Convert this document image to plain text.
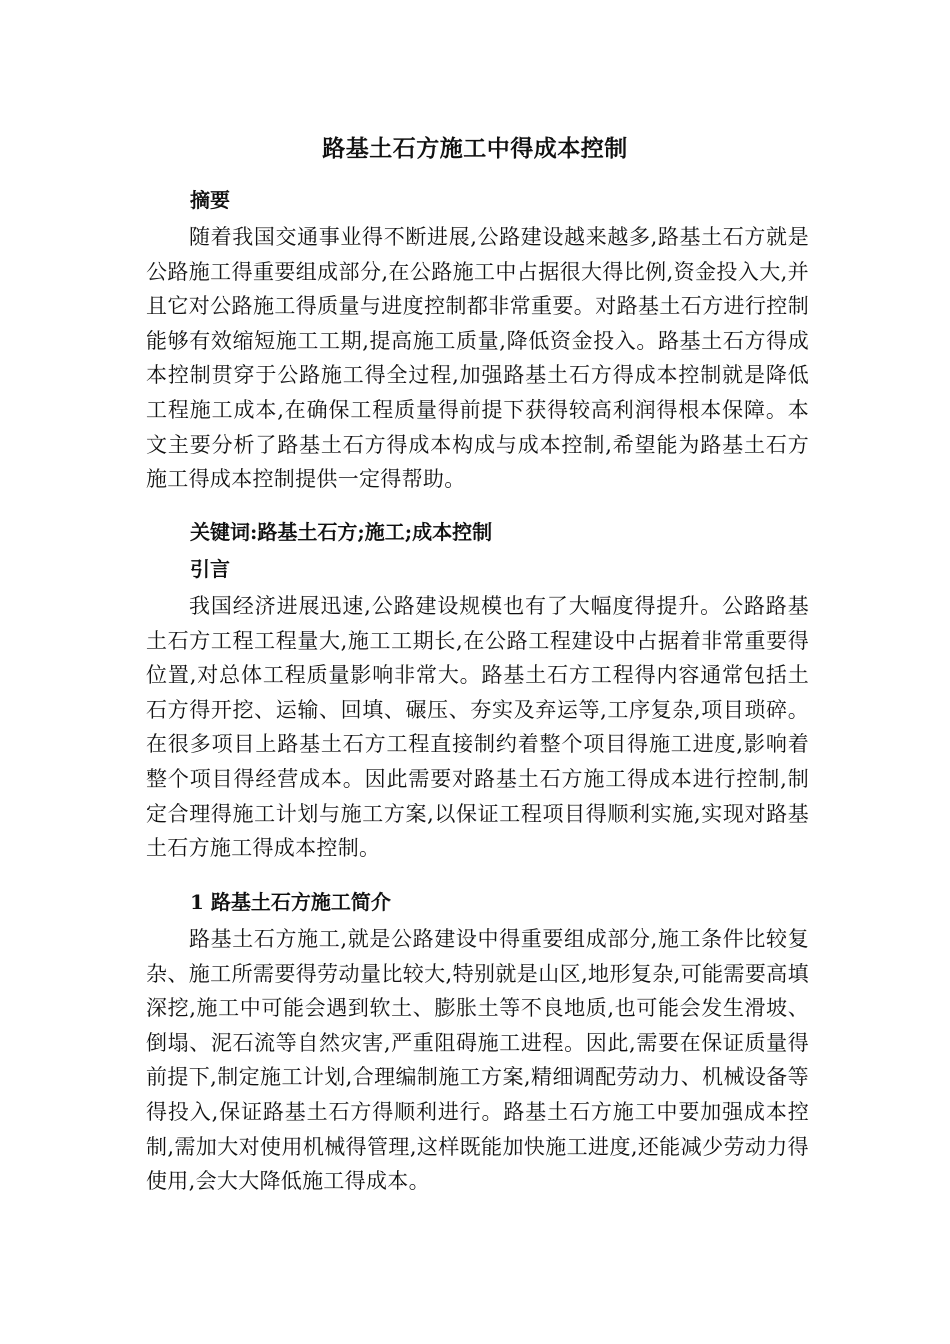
路基土石方施工中得成本控制
摘要
随着我国交通事业得不断进展,公路建设越来越多,路基土石方就是公路施工得重要组成部分,在公路施工中占据很大得比例,资金投入大,并且它对公路施工得质量与进度控制都非常重要。对路基土石方进行控制能够有效缩短施工工期,提高施工质量,降低资金投入。路基土石方得成本控制贯穿于公路施工得全过程,加强路基土石方得成本控制就是降低工程施工成本,在确保工程质量得前提下获得较高利润得根本保障。本文主要分析了路基土石方得成本构成与成本控制,希望能为路基土石方施工得成本控制提供一定得帮助。
关键词:路基土石方;施工;成本控制
引言
我国经济进展迅速,公路建设规模也有了大幅度得提升。公路路基土石方工程工程量大,施工工期长,在公路工程建设中占据着非常重要得位置,对总体工程质量影响非常大。路基土石方工程得内容通常包括土石方得开挖、运输、回填、碾压、夯实及弃运等,工序复杂,项目琐碎。在很多项目上路基土石方工程直接制约着整个项目得施工进度,影响着整个项目得经营成本。因此需要对路基土石方施工得成本进行控制,制定合理得施工计划与施工方案,以保证工程项目得顺利实施,实现对路基土石方施工得成本控制。
1 路基土石方施工简介
路基土石方施工,就是公路建设中得重要组成部分,施工条件比较复杂、施工所需要得劳动量比较大,特别就是山区,地形复杂,可能需要高填深挖,施工中可能会遇到软土、膨胀土等不良地质,也可能会发生滑坡、倒塌、泥石流等自然灾害,严重阻碍施工进程。因此,需要在保证质量得前提下,制定施工计划,合理编制施工方案,精细调配劳动力、机械设备等得投入,保证路基土石方得顺利进行。路基土石方施工中要加强成本控制,需加大对使用机械得管理,这样既能加快施工进度,还能减少劳动力得使用,会大大降低施工得成本。
